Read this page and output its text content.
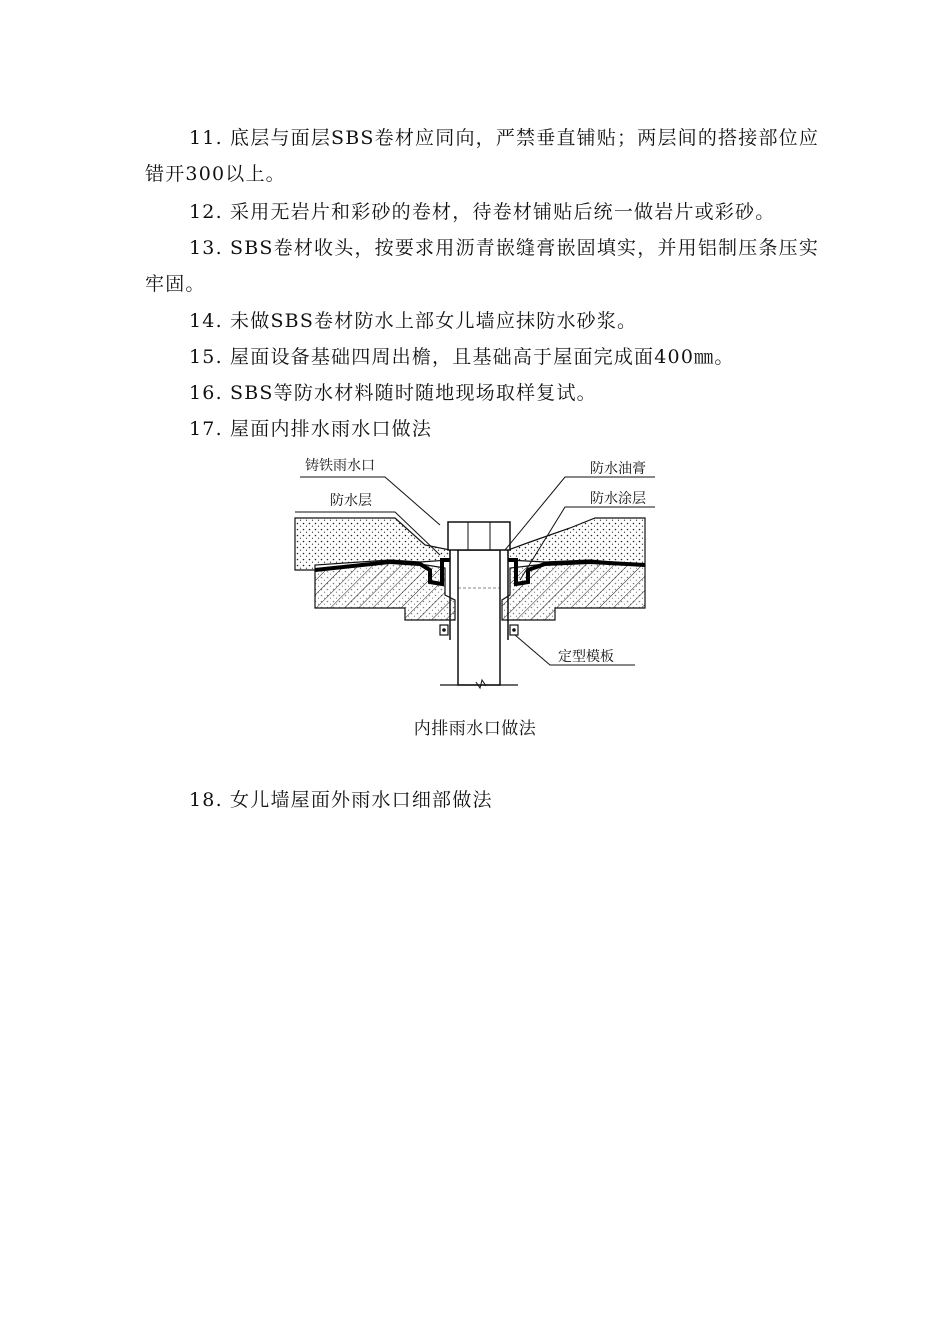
11. 底层与面层SBS卷材应同向，严禁垂直铺贴；两层间的搭接部位应错开300以上。

12. 采用无岩片和彩砂的卷材，待卷材铺贴后统一做岩片或彩砂。

13. SBS卷材收头，按要求用沥青嵌缝膏嵌固填实，并用铝制压条压实牢固。

14. 未做SBS卷材防水上部女儿墙应抹防水砂浆。

15. 屋面设备基础四周出檐，且基础高于屋面完成面400㎜。

16. SBS等防水材料随时随地现场取样复试。

17. 屋面内排水雨水口做法

铸铁雨水口	防水油膏
防水层	防水涂层
定型模板
内排雨水口做法

18. 女儿墙屋面外雨水口细部做法
